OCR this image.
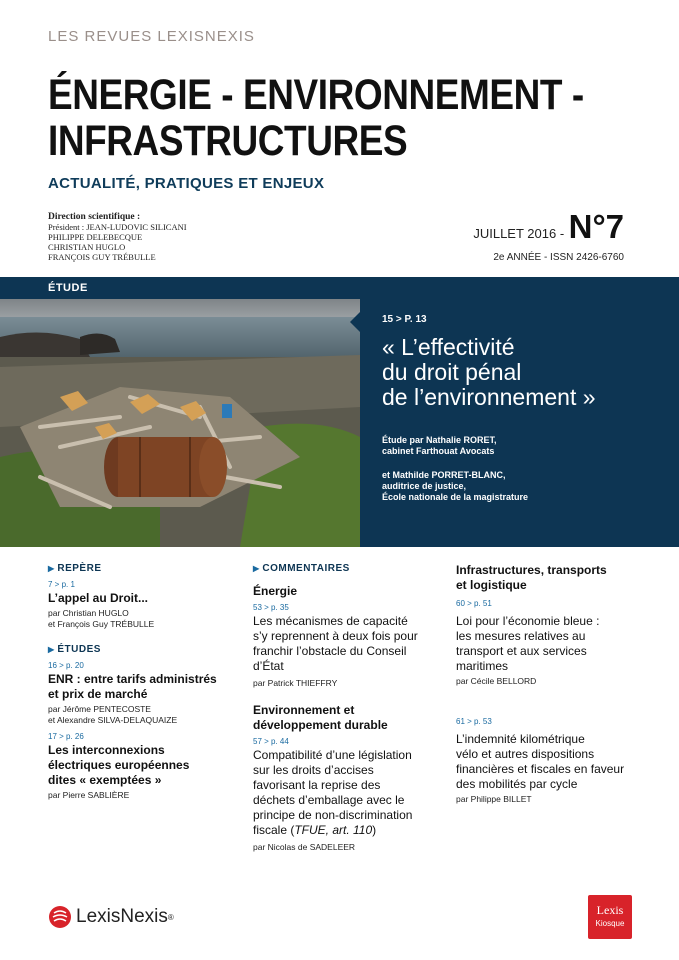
LES REVUES LEXISNEXIS
ÉNERGIE - ENVIRONNEMENT -
INFRASTRUCTURES
ACTUALITÉ, PRATIQUES ET ENJEUX
Direction scientifique :
Président : JEAN-LUDOVIC SILICANI
PHILIPPE DELEBECQUE
CHRISTIAN HUGLO
FRANÇOIS GUY TRÉBULLE
JUILLET 2016 - N°7
2e ANNÉE - ISSN 2426-6760
ÉTUDE
15 > P. 13
« L’effectivité
du droit pénal
de l’environnement »
Étude par Nathalie RORET,
cabinet Farthouat Avocats
et Mathilde PORRET-BLANC,
auditrice de justice,
École nationale de la magistrature
▶ REPÈRE
7 > p. 1
L’appel au Droit...
par Christian HUGLO
et François Guy TRÉBULLE
▶ ÉTUDES
16 > p. 20
ENR : entre tarifs administrés
et prix de marché
par Jérôme PENTECOSTE
et Alexandre SILVA-DELAQUAIZE
17 > p. 26
Les interconnexions
électriques européennes
dites « exemptées »
par Pierre SABLIÈRE
▶ COMMENTAIRES
Énergie
53 > p. 35
Les mécanismes de capacité
s’y reprennent à deux fois pour
franchir l’obstacle du Conseil
d’État
par Patrick THIEFFRY
Environnement et
développement durable
57 > p. 44
Compatibilité d’une législation
sur les droits d’accises
favorisant la reprise des
déchets d’emballage avec le
principe de non-discrimination
fiscale (TFUE, art. 110)
par Nicolas de SADELEER
Infrastructures, transports
et logistique
60 > p. 51
Loi pour l’économie bleue :
les mesures relatives au
transport et aux services
maritimes
par Cécile BELLORD
61 > p. 53
L’indemnité kilométrique
vélo et autres dispositions
financières et fiscales en faveur
des mobilités par cycle
par Philippe BILLET
LexisNexis ®	Lexis
Kiosque
